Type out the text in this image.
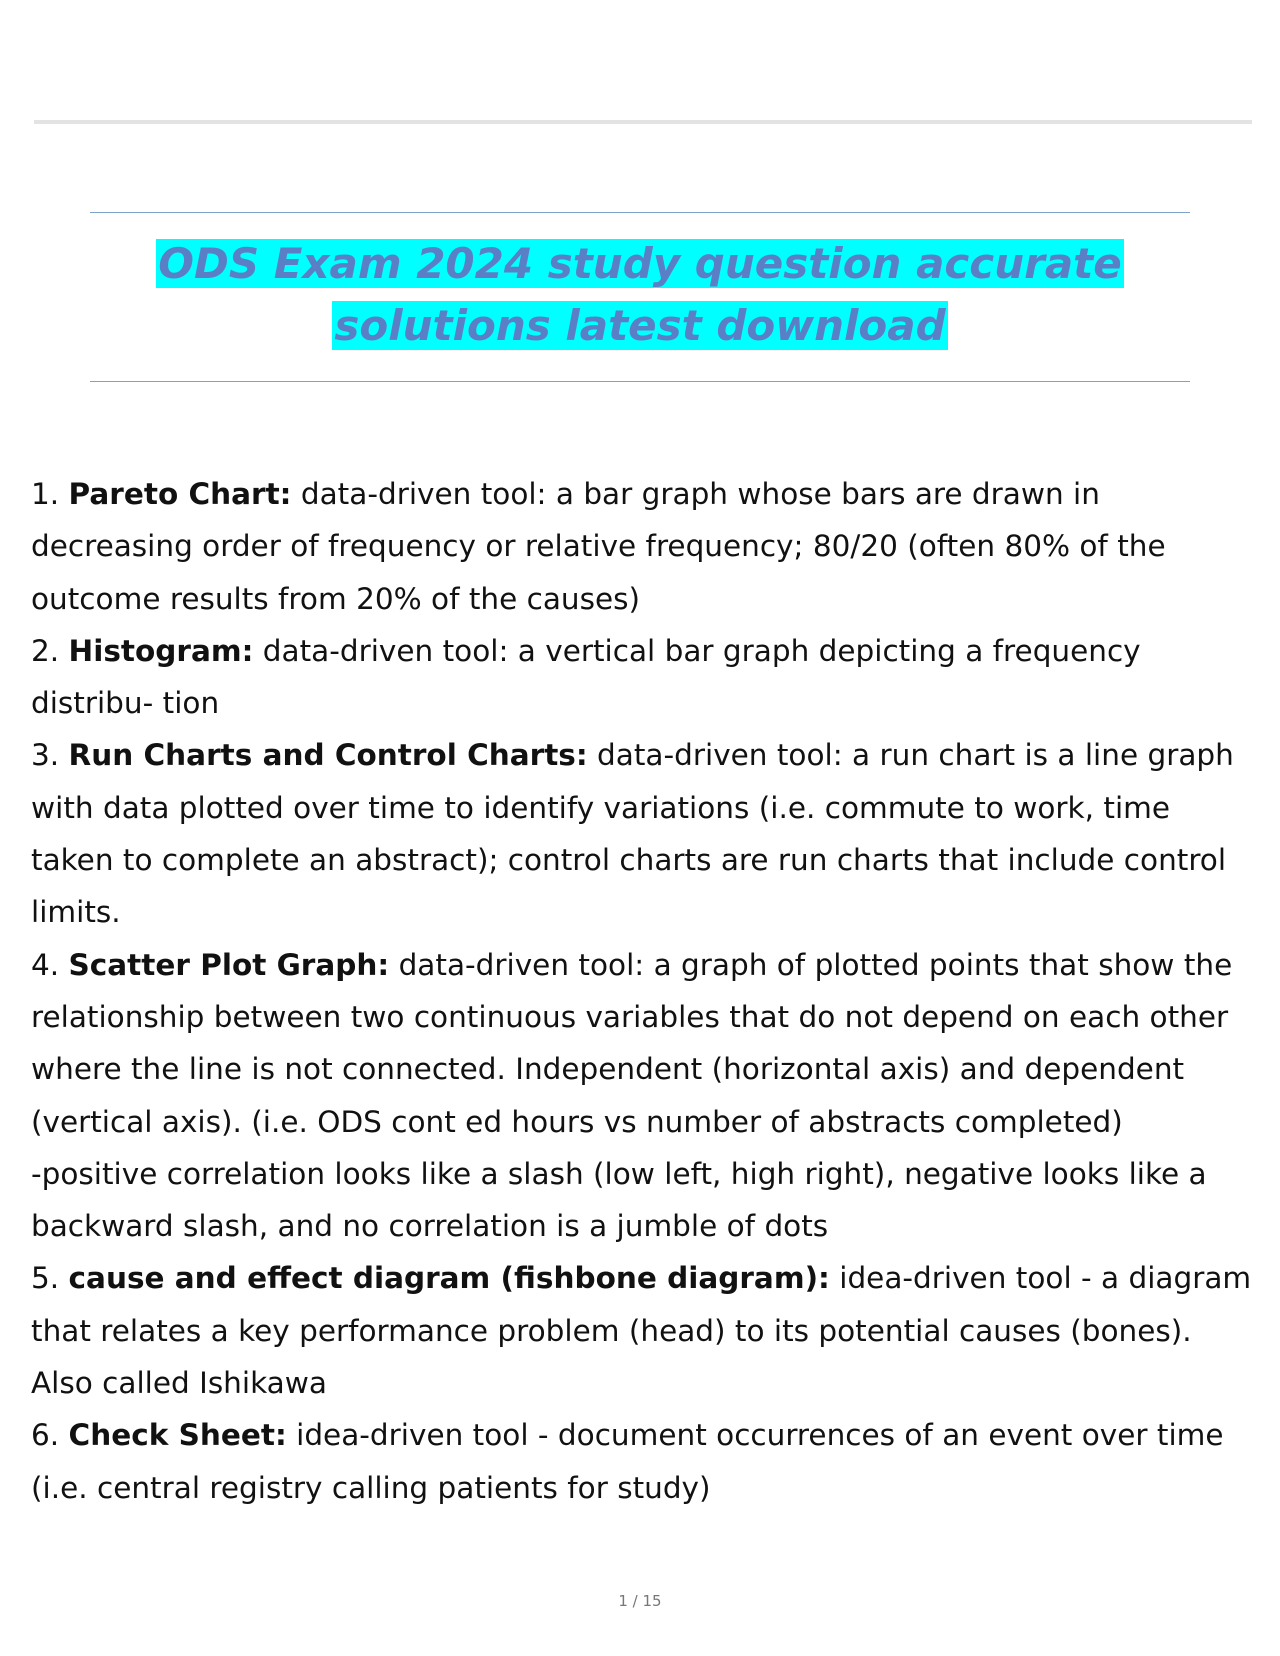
ODS Exam 2024 study question accurate solutions latest download

1. Pareto Chart: data-driven tool: a bar graph whose bars are drawn in decreasing order of frequency or relative frequency; 80/20 (often 80% of the outcome results from 20% of the causes)

2. Histogram: data-driven tool: a vertical bar graph depicting a frequency distribu- tion

3. Run Charts and Control Charts: data-driven tool: a run chart is a line graph with data plotted over time to identify variations (i.e. commute to work, time taken to complete an abstract); control charts are run charts that include control limits.

4. Scatter Plot Graph: data-driven tool: a graph of plotted points that show the relationship between two continuous variables that do not depend on each other where the line is not connected. Independent (horizontal axis) and dependent (vertical axis). (i.e. ODS cont ed hours vs number of abstracts completed)

-positive correlation looks like a slash (low left, high right), negative looks like a backward slash, and no correlation is a jumble of dots

5. cause and effect diagram (fishbone diagram): idea-driven tool - a diagram that relates a key performance problem (head) to its potential causes (bones). Also called Ishikawa

6. Check Sheet: idea-driven tool - document occurrences of an event over time (i.e. central registry calling patients for study)

1 / 15
